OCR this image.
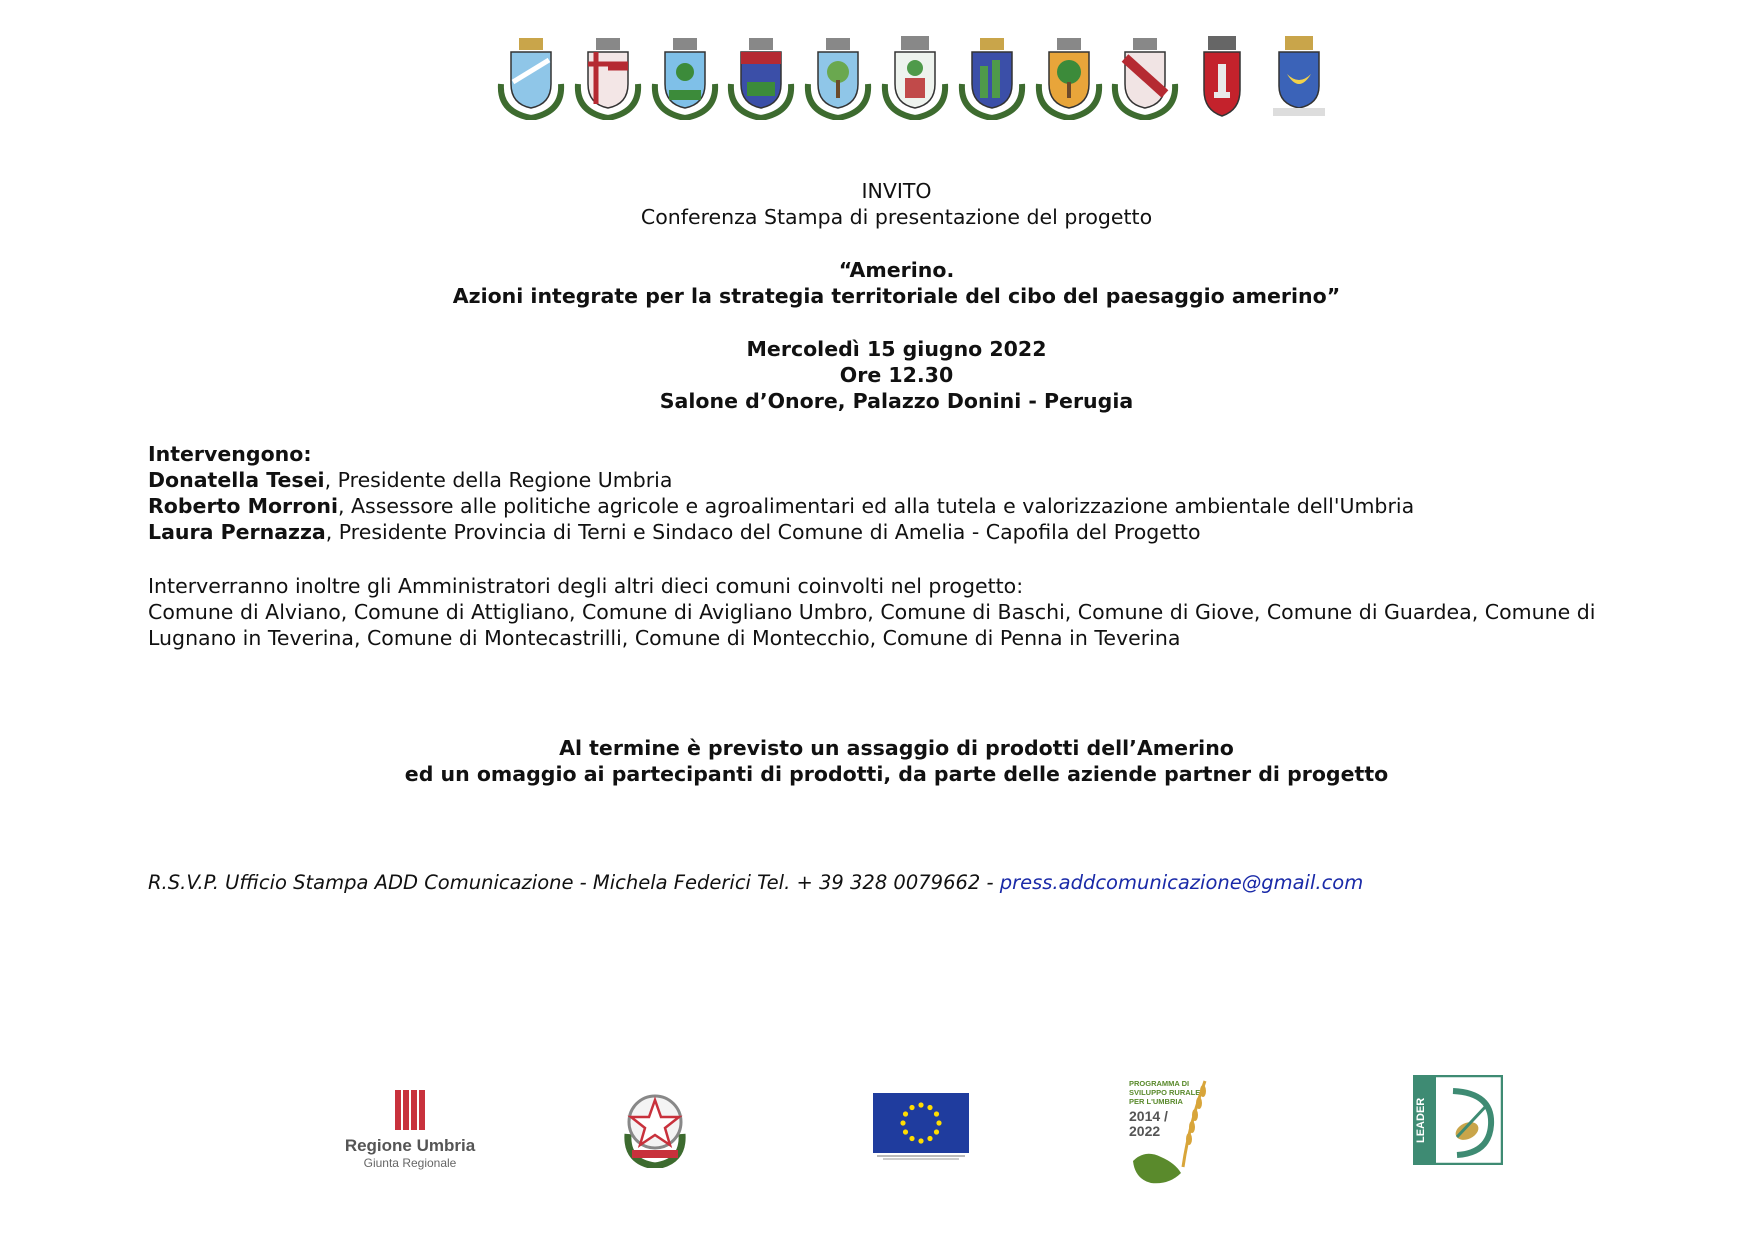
INVITO
Conferenza Stampa di presentazione del progetto
“Amerino.
Azioni integrate per la strategia territoriale del cibo del paesaggio amerino”
Mercoledì 15 giugno 2022
Ore 12.30
Salone d’Onore, Palazzo Donini - Perugia
Intervengono:
Donatella Tesei, Presidente della Regione Umbria
Roberto Morroni, Assessore alle politiche agricole e agroalimentari ed alla tutela e valorizzazione ambientale dell'Umbria
Laura Pernazza, Presidente Provincia di Terni e Sindaco del Comune di Amelia - Capofila del Progetto
Interverranno inoltre gli Amministratori degli altri dieci comuni coinvolti nel progetto:
Comune di Alviano, Comune di Attigliano, Comune di Avigliano Umbro, Comune di Baschi, Comune di Giove, Comune di Guardea, Comune di
Lugnano in Teverina, Comune di Montecastrilli, Comune di Montecchio, Comune di Penna in Teverina
Al termine è previsto un assaggio di prodotti dell’Amerino
ed un omaggio ai partecipanti di prodotti, da parte delle aziende partner di progetto
R.S.V.P. Ufficio Stampa ADD Comunicazione - Michela Federici Tel. + 39 328 0079662 - press.addcomunicazione@gmail.com
Regione Umbria
Giunta Regionale
PROGRAMMA DI
SVILUPPO RURALE
PER L'UMBRIA
2014 /
2022	LEADER
